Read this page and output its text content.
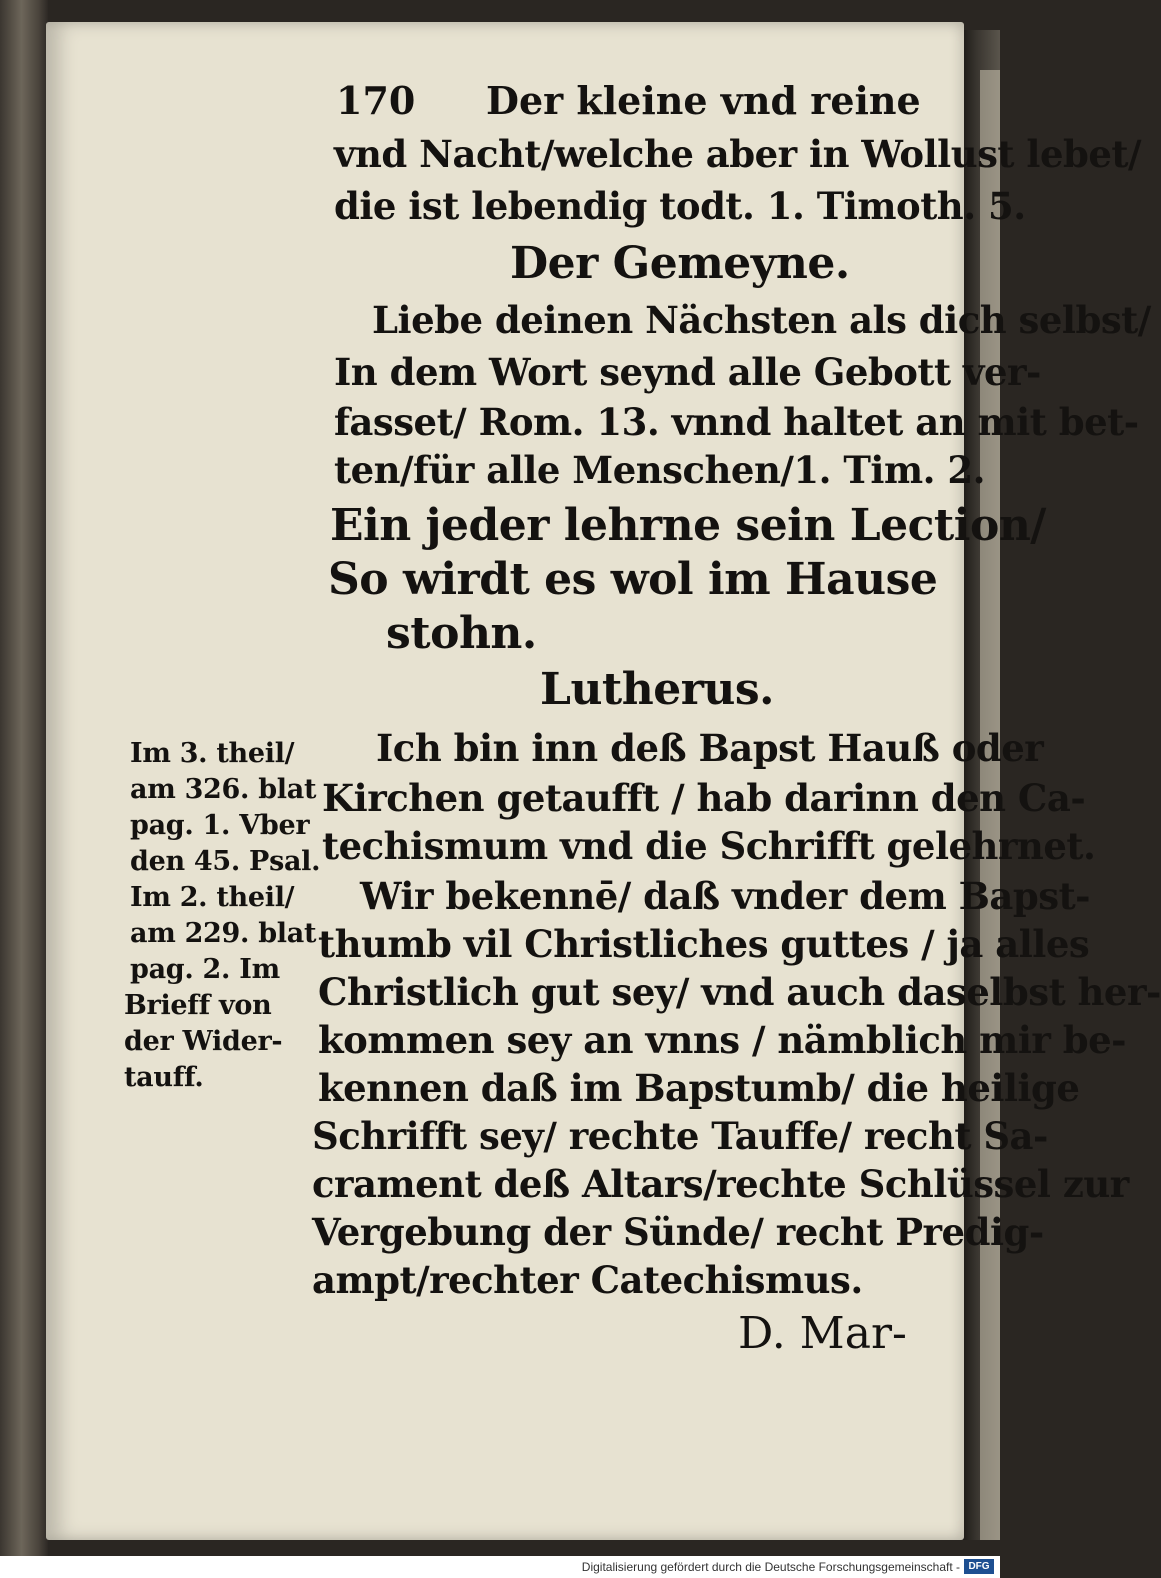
170 Der kleine vnd reine
vnd Nacht/welche aber in Wollust lebet/
die ist lebendig todt. 1. Timoth. 5.
Der Gemeyne.
Liebe deinen Nächsten als dich selbst/
In dem Wort seynd alle Gebott ver-
fasset/ Rom. 13. vnnd haltet an mit bet-
ten/für alle Menschen/1. Tim. 2.
Ein jeder lehrne sein Lection/
So wirdt es wol im Hause
stohn.
Lutherus.
Ich bin inn deß Bapst Hauß oder
Kirchen getaufft / hab darinn den Ca-
techismum vnd die Schrifft gelehrnet.
Wir bekennē/ daß vnder dem Bapst-
thumb vil Christliches guttes / ja alles
Christlich gut sey/ vnd auch daselbst her-
kommen sey an vnns / nämblich mir be-
kennen daß im Bapstumb/ die heilige
Schrifft sey/ rechte Tauffe/ recht Sa-
crament deß Altars/rechte Schlüssel zur
Vergebung der Sünde/ recht Predig-
ampt/rechter Catechismus.
Im 3. theil/
am 326. blat
pag. 1. Vber
den 45. Psal.
Im 2. theil/
am 229. blat
pag. 2. Im
Brieff von
der Wider-
tauff.
D. Mar-
Digitalisierung gefördert durch die Deutsche Forschungsgemeinschaft - DFG
